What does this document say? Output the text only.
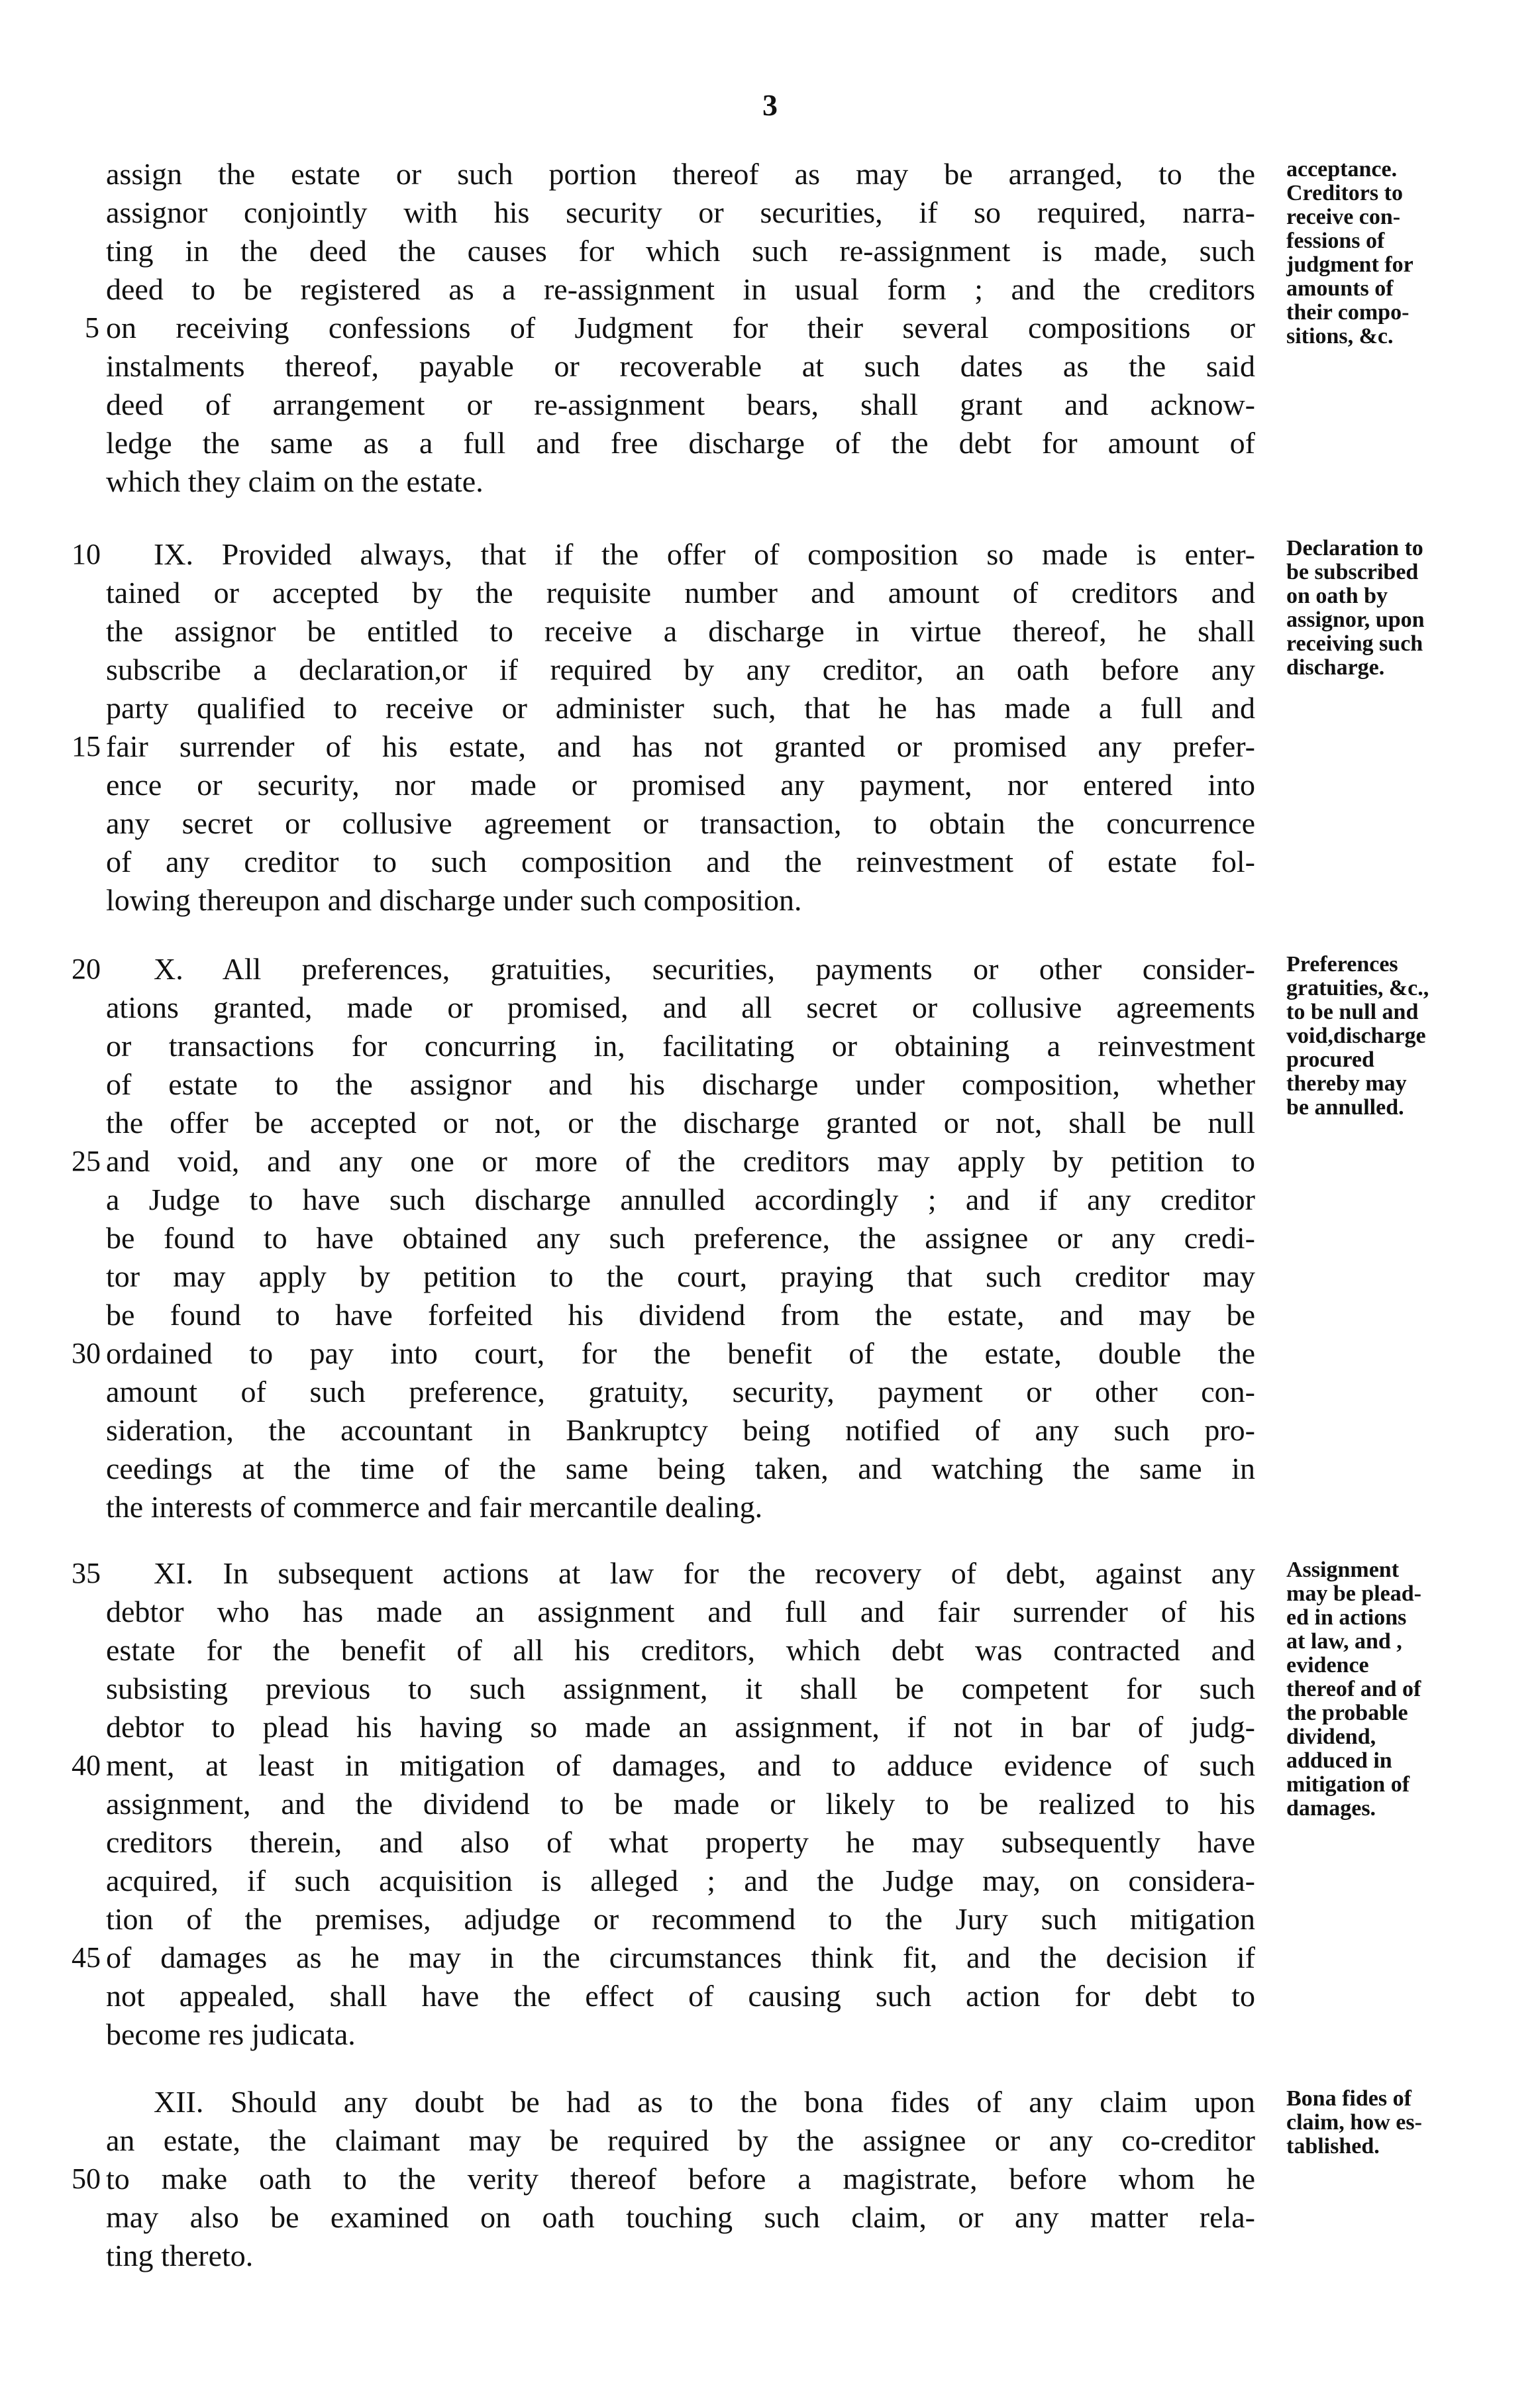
3
assign the estate or such portion thereof as may be arranged, to the
assignor conjointly with his security or securities, if so required, narra-
ting in the deed the causes for which such re-assignment is made, such
deed to be registered as a re-assignment in usual form ; and the creditors
5 on receiving confessions of Judgment for their several compositions or
instalments thereof, payable or recoverable at such dates as the said
deed of arrangement or re-assignment bears, shall grant and acknow-
ledge the same as a full and free discharge of the debt for amount of
which they claim on the estate.
acceptance.
Creditors to
receive con-
fessions of
judgment for
amounts of
their compo-
sitions, &c.
10	IX. Provided always, that if the offer of composition so made is enter-
tained or accepted by the requisite number and amount of creditors and
the assignor be entitled to receive a discharge in virtue thereof, he shall
subscribe a declaration,or if required by any creditor, an oath before any
party qualified to receive or administer such, that he has made a full and
15 fair surrender of his estate, and has not granted or promised any prefer-
ence or security, nor made or promised any payment, nor entered into
any secret or collusive agreement or transaction, to obtain the concurrence
of any creditor to such composition and the reinvestment of estate fol-
lowing thereupon and discharge under such composition.
Declaration to
be subscribed
on oath by
assignor, upon
receiving such
discharge.
20	X. All preferences, gratuities, securities, payments or other consider-
ations granted, made or promised, and all secret or collusive agreements
or transactions for concurring in, facilitating or obtaining a reinvestment
of estate to the assignor and his discharge under composition, whether
the offer be accepted or not, or the discharge granted or not, shall be null
25 and void, and any one or more of the creditors may apply by petition to
a Judge to have such discharge annulled accordingly ; and if any creditor
be found to have obtained any such preference, the assignee or any credi-
tor may apply by petition to the court, praying that such creditor may
be found to have forfeited his dividend from the estate, and may be
30 ordained to pay into court, for the benefit of the estate, double the
amount of such preference, gratuity, security, payment or other con-
sideration, the accountant in Bankruptcy being notified of any such pro-
ceedings at the time of the same being taken, and watching the same in
the interests of commerce and fair mercantile dealing.
Preferences
gratuities, &c.,
to be null and
void,discharge
procured
thereby may
be annulled.
35	XI. In subsequent actions at law for the recovery of debt, against any
debtor who has made an assignment and full and fair surrender of his
estate for the benefit of all his creditors, which debt was contracted and
subsisting previous to such assignment, it shall be competent for such
debtor to plead his having so made an assignment, if not in bar of judg-
40 ment, at least in mitigation of damages, and to adduce evidence of such
assignment, and the dividend to be made or likely to be realized to his
creditors therein, and also of what property he may subsequently have
acquired, if such acquisition is alleged ; and the Judge may, on considera-
tion of the premises, adjudge or recommend to the Jury such mitigation
45 of damages as he may in the circumstances think fit, and the decision if
not appealed, shall have the effect of causing such action for debt to
become res judicata.
Assignment
may be plead-
ed in actions
at law, and ,
evidence
thereof and of
the probable
dividend,
adduced in
mitigation of
damages.
XII. Should any doubt be had as to the bona fides of any claim upon
an estate, the claimant may be required by the assignee or any co-creditor
50 to make oath to the verity thereof before a magistrate, before whom he
may also be examined on oath touching such claim, or any matter rela-
ting thereto.
Bona fides of
claim, how es-
tablished.
